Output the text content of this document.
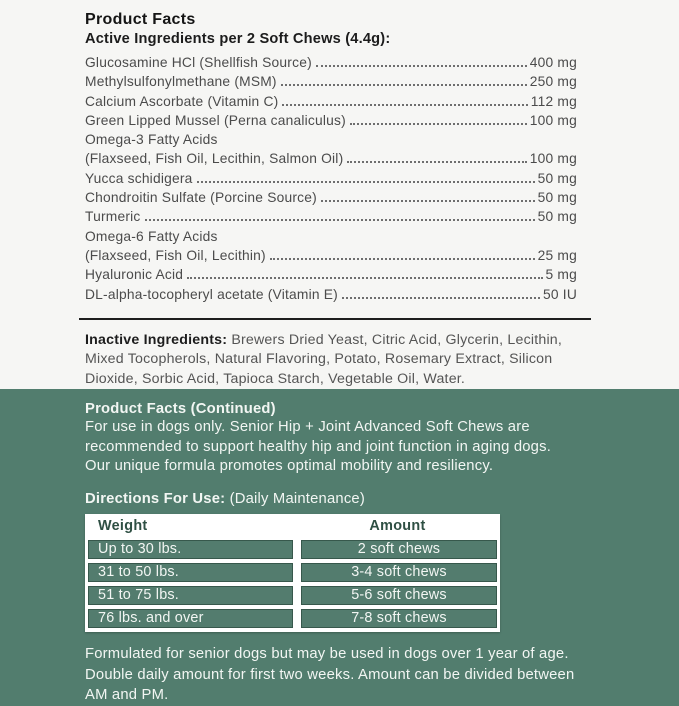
Product Facts
Active Ingredients per 2 Soft Chews (4.4g):
Glucosamine HCl (Shellfish Source)	400 mg
Methylsulfonylmethane (MSM)	250 mg
Calcium Ascorbate (Vitamin C)	112 mg
Green Lipped Mussel (Perna canaliculus)	100 mg
Omega-3 Fatty Acids
(Flaxseed, Fish Oil, Lecithin, Salmon Oil)	100 mg
Yucca schidigera	50 mg
Chondroitin Sulfate (Porcine Source)	50 mg
Turmeric	50 mg
Omega-6 Fatty Acids
(Flaxseed, Fish Oil, Lecithin)	25 mg
Hyaluronic Acid	5 mg
DL-alpha-tocopheryl acetate (Vitamin E)	50 IU

Inactive Ingredients: Brewers Dried Yeast, Citric Acid, Glycerin, Lecithin, Mixed Tocopherols, Natural Flavoring, Potato, Rosemary Extract, Silicon Dioxide, Sorbic Acid, Tapioca Starch, Vegetable Oil, Water.

Product Facts (Continued)

For use in dogs only. Senior Hip + Joint Advanced Soft Chews are recommended to support healthy hip and joint function in aging dogs. Our unique formula promotes optimal mobility and resiliency.

Directions For Use: (Daily Maintenance)

Weight	Amount
Up to 30 lbs.	2 soft chews
31 to 50 lbs.	3-4 soft chews
51 to 75 lbs.	5-6 soft chews
76 lbs. and over	7-8 soft chews

Formulated for senior dogs but may be used in dogs over 1 year of age. Double daily amount for first two weeks. Amount can be divided between AM and PM.
